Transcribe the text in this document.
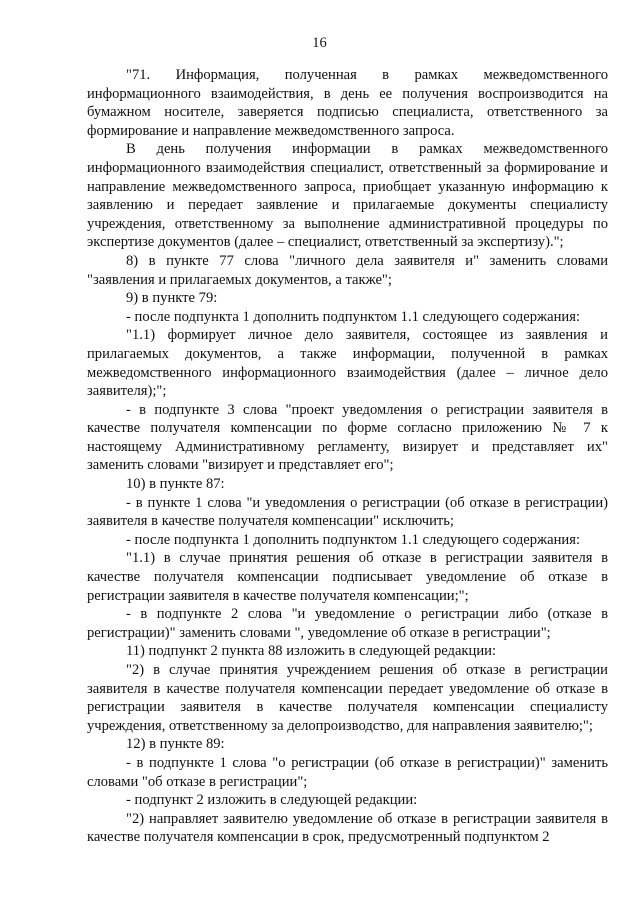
16

"71. Информация, полученная в рамках межведомственного информационного взаимодействия, в день ее получения воспроизводится на бумажном носителе, заверяется подписью специалиста, ответственного за формирование и направление межведомственного запроса.

В день получения информации в рамках межведомственного информационного взаимодействия специалист, ответственный за формирование и направление межведомственного запроса, приобщает указанную информацию к заявлению и передает заявление и прилагаемые документы специалисту учреждения, ответственному за выполнение административной процедуры по экспертизе документов (далее – специалист, ответственный за экспертизу).";

8) в пункте 77 слова "личного дела заявителя и" заменить словами "заявления и прилагаемых документов, а также";

9) в пункте 79:

- после подпункта 1 дополнить подпунктом 1.1 следующего содержания:

"1.1) формирует личное дело заявителя, состоящее из заявления и прилагаемых документов, а также информации, полученной в рамках межведомственного информационного взаимодействия (далее – личное дело заявителя);";

- в подпункте 3 слова "проект уведомления о регистрации заявителя в качестве получателя компенсации по форме согласно приложению № 7 к настоящему Административному регламенту, визирует и представляет их" заменить словами "визирует и представляет его";

10) в пункте 87:

- в пункте 1 слова "и уведомления о регистрации (об отказе в регистрации) заявителя в качестве получателя компенсации" исключить;

- после подпункта 1 дополнить подпунктом 1.1 следующего содержания:

"1.1) в случае принятия решения об отказе в регистрации заявителя в качестве получателя компенсации подписывает уведомление об отказе в регистрации заявителя в качестве получателя компенсации;";

- в подпункте 2 слова "и уведомление о регистрации либо (отказе в регистрации)" заменить словами ", уведомление об отказе в регистрации";

11) подпункт 2 пункта 88 изложить в следующей редакции:

"2) в случае принятия учреждением решения об отказе в регистрации заявителя в качестве получателя компенсации передает уведомление об отказе в регистрации заявителя в качестве получателя компенсации специалисту учреждения, ответственному за делопроизводство, для направления заявителю;";

12) в пункте 89:

- в подпункте 1 слова "о регистрации (об отказе в регистрации)" заменить словами "об отказе в регистрации";

- подпункт 2 изложить в следующей редакции:

"2) направляет заявителю уведомление об отказе в регистрации заявителя в качестве получателя компенсации в срок, предусмотренный подпунктом 2
